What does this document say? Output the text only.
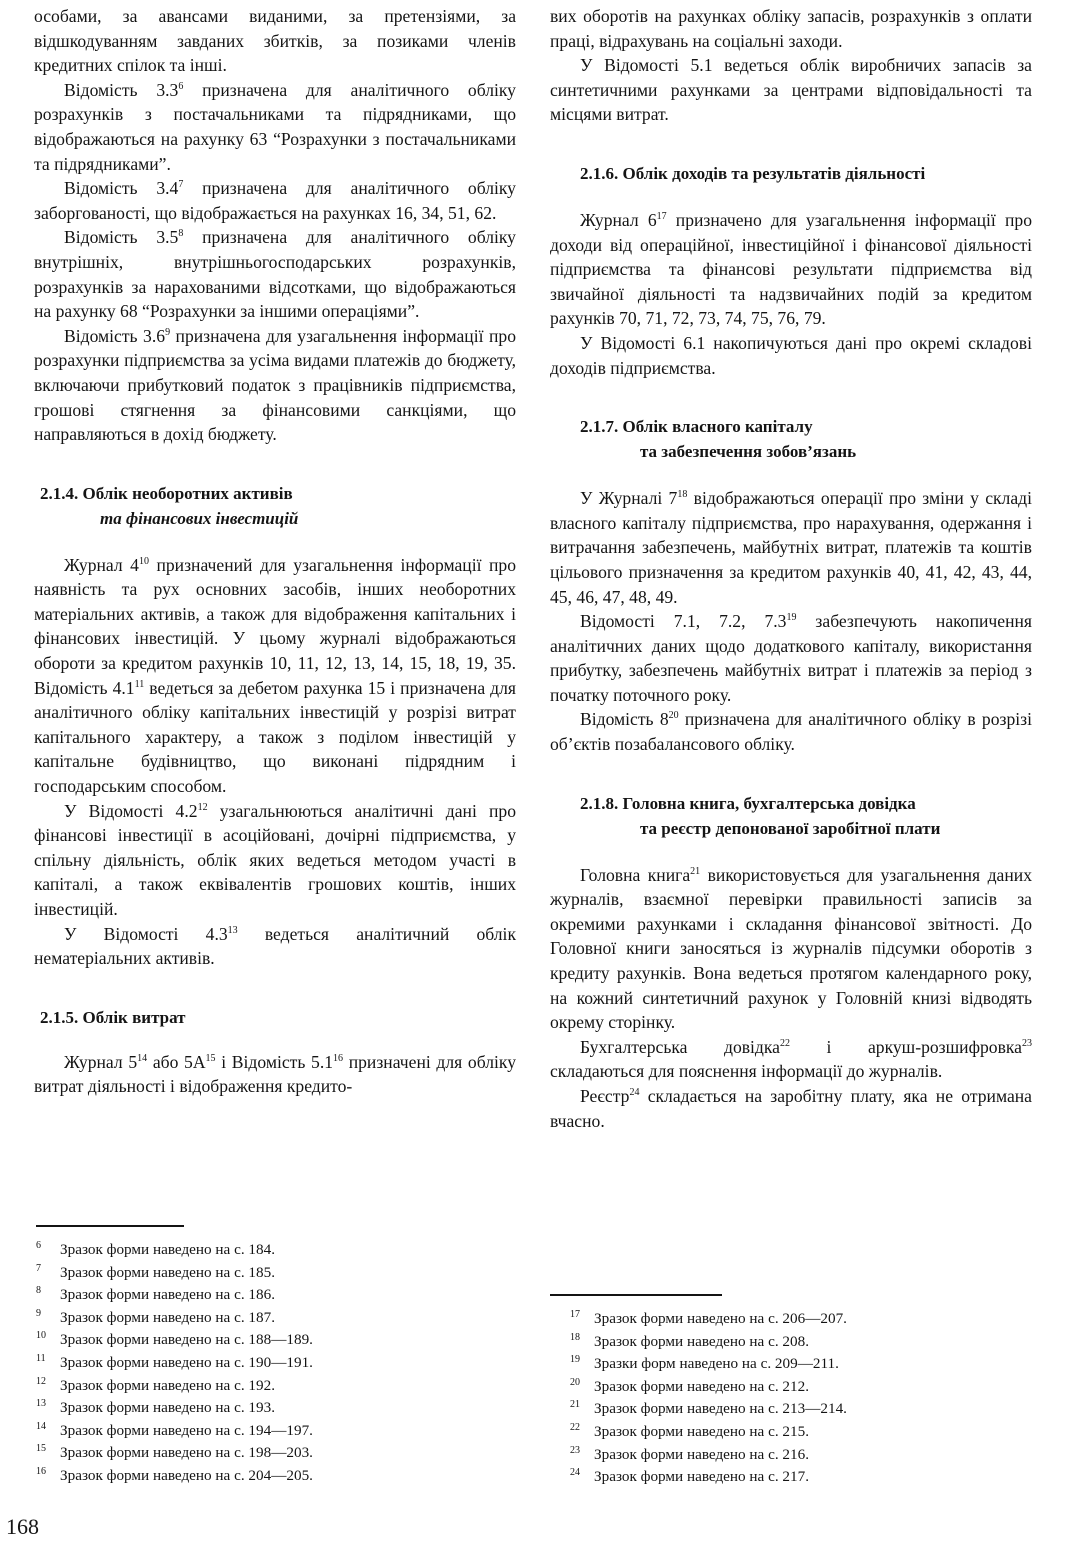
особами, за авансами виданими, за претензіями, за відшкодуванням завданих збитків, за позиками членів кредитних спілок та інші.

Відомість $3.3^6$ призначена для аналітичного обліку розрахунків з постачальниками та підрядниками, що відображаються на рахунку 63 “Розрахунки з постачальниками та підрядниками”.

Відомість $3.4^7$ призначена для аналітичного обліку заборгованості, що відображається на рахунках 16, 34, 51, 62.

Відомість $3.5^8$ призначена для аналітичного обліку внутрішніх, внутрішньогосподарських розрахунків, розрахунків за нарахованими відсотками, що відображаються на рахунку 68 “Розрахунки за іншими операціями”.

Відомість $3.6^9$ призначена для узагальнення інформації про розрахунки підприємства за усіма видами платежів до бюджету, включаючи прибутковий податок з працівників підприємства, грошові стягнення за фінансовими санкціями, що направляються в дохід бюджету.

2.1.4. Облік необоротних активів
та фінансових інвестицій

Журнал $4^{10}$ призначений для узагальнення інформації про наявність та рух основних засобів, інших необоротних матеріальних активів, а також для відображення капітальних і фінансових інвестицій. У цьому журналі відображаються обороти за кредитом рахунків 10, 11, 12, 13, 14, 15, 18, 19, 35. Відомість $4.1^{11}$ ведеться за дебетом рахунка 15 і призначена для аналітичного обліку капітальних інвестицій у розрізі витрат капітального характеру, а також з поділом інвестицій у капітальне будівництво, що виконані підрядним і господарським способом.

У Відомості $4.2^{12}$ узагальнюються аналітичні дані про фінансові інвестиції в асоційовані, дочірні підприємства, у спільну діяльність, облік яких ведеться методом участі в капіталі, а також еквівалентів грошових коштів, інших інвестицій.

У Відомості $4.3^{13}$ ведеться аналітичний облік нематеріальних активів.

2.1.5. Облік витрат

Журнал $5^{14}$ або $5А^{15}$ і Відомість $5.1^{16}$ призначені для обліку витрат діяльності і відображення кредито-

вих оборотів на рахунках обліку запасів, розрахунків з оплати праці, відрахувань на соціальні заходи.

У Відомості 5.1 ведеться облік виробничих запасів за синтетичними рахунками за центрами відповідальності та місцями витрат.

2.1.6. Облік доходів та результатів діяльності

Журнал $6^{17}$ призначено для узагальнення інформації про доходи від операційної, інвестиційної і фінансової діяльності підприємства та фінансові результати підприємства від звичайної діяльності та надзвичайних подій за кредитом рахунків 70, 71, 72, 73, 74, 75, 76, 79.

У Відомості 6.1 накопичуються дані про окремі складові доходів підприємства.

2.1.7. Облік власного капіталу
та забезпечення зобов’язань

У Журналі $7^{18}$ відображаються операції про зміни у складі власного капіталу підприємства, про нарахування, одержання і витрачання забезпечень, майбутніх витрат, платежів та коштів цільового призначення за кредитом рахунків 40, 41, 42, 43, 44, 45, 46, 47, 48, 49.

Відомості 7.1, 7.2, $7.3^{19}$ забезпечують накопичення аналітичних даних щодо додаткового капіталу, використання прибутку, забезпечень майбутніх витрат і платежів за період з початку поточного року.

Відомість $8^{20}$ призначена для аналітичного обліку в розрізі об’єктів позабалансового обліку.

2.1.8. Головна книга, бухгалтерська довідка
та реєстр депонованої заробітної плати

Головна книга$^{21}$ використовується для узагальнення даних журналів, взаємної перевірки правильності записів за окремими рахунками і складання фінансової звітності. До Головної книги заносяться із журналів підсумки оборотів з кредиту рахунків. Вона ведеться протягом календарного року, на кожний синтетичний рахунок у Головній книзі відводять окрему сторінку.

Бухгалтерська довідка$^{22}$ і аркуш-розшифровка$^{23}$ складаються для пояснення інформації до журналів.

Реєстр$^{24}$ складається на заробітну плату, яка не отримана вчасно.

6 Зразок форми наведено на с. 184.
7 Зразок форми наведено на с. 185.
8 Зразок форми наведено на с. 186.
9 Зразок форми наведено на с. 187.
10 Зразок форми наведено на с. 188—189.
11 Зразок форми наведено на с. 190—191.
12 Зразок форми наведено на с. 192.
13 Зразок форми наведено на с. 193.
14 Зразок форми наведено на с. 194—197.
15 Зразок форми наведено на с. 198—203.
16 Зразок форми наведено на с. 204—205.
17 Зразок форми наведено на с. 206—207.
18 Зразок форми наведено на с. 208.
19 Зразки форм наведено на с. 209—211.
20 Зразок форми наведено на с. 212.
21 Зразок форми наведено на с. 213—214.
22 Зразок форми наведено на с. 215.
23 Зразок форми наведено на с. 216.
24 Зразок форми наведено на с. 217.
168
